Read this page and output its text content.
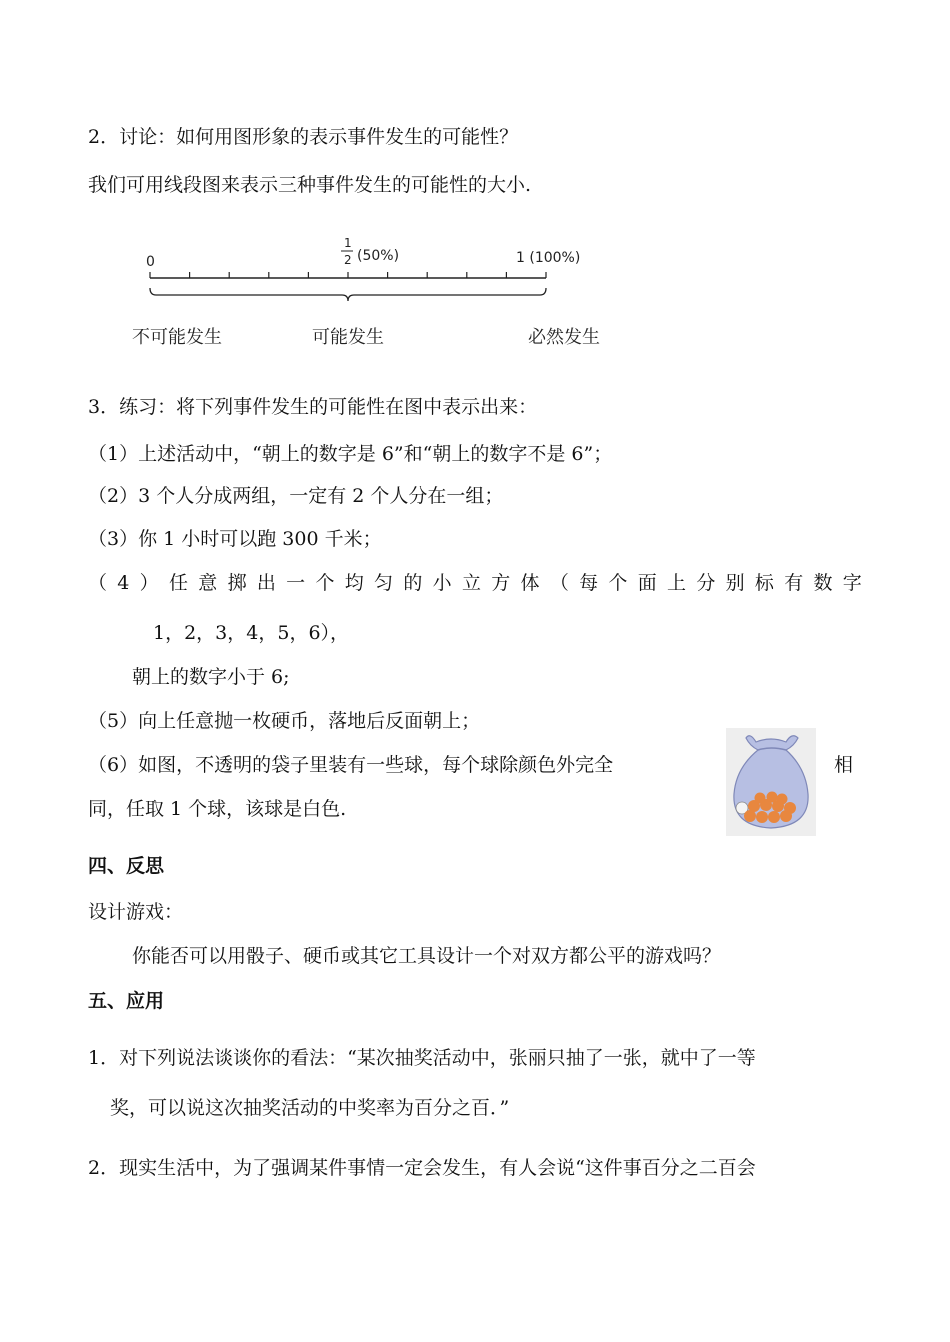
2．讨论：如何用图形象的表示事件发生的可能性？
我们可用线段图来表示三种事件发生的可能性的大小.
0
1
2 (50%)	1 (100%)
不可能发生	可能发生	必然发生
3．练习：将下列事件发生的可能性在图中表示出来：
（1）上述活动中，“朝上的数字是 6”和“朝上的数字不是 6”；
（2）3 个人分成两组，一定有 2 个人分在一组；
（3）你 1 小时可以跑 300 千米；
（ 4 ） 任 意 掷 出 一 个 均 匀 的 小 立 方 体 （ 每 个 面 上 分 别 标 有 数 字
1，2，3，4，5，6），
朝上的数字小于 6;
（5）向上任意抛一枚硬币，落地后反面朝上；
（6）如图，不透明的袋子里装有一些球，每个球除颜色外完全	相
同，任取 1 个球，该球是白色.
四、反思
设计游戏：
你能否可以用骰子、硬币或其它工具设计一个对双方都公平的游戏吗？
五、应用
1．对下列说法谈谈你的看法：“某次抽奖活动中，张丽只抽了一张，就中了一等
奖，可以说这次抽奖活动的中奖率为百分之百．”
2．现实生活中，为了强调某件事情一定会发生，有人会说“这件事百分之二百会
